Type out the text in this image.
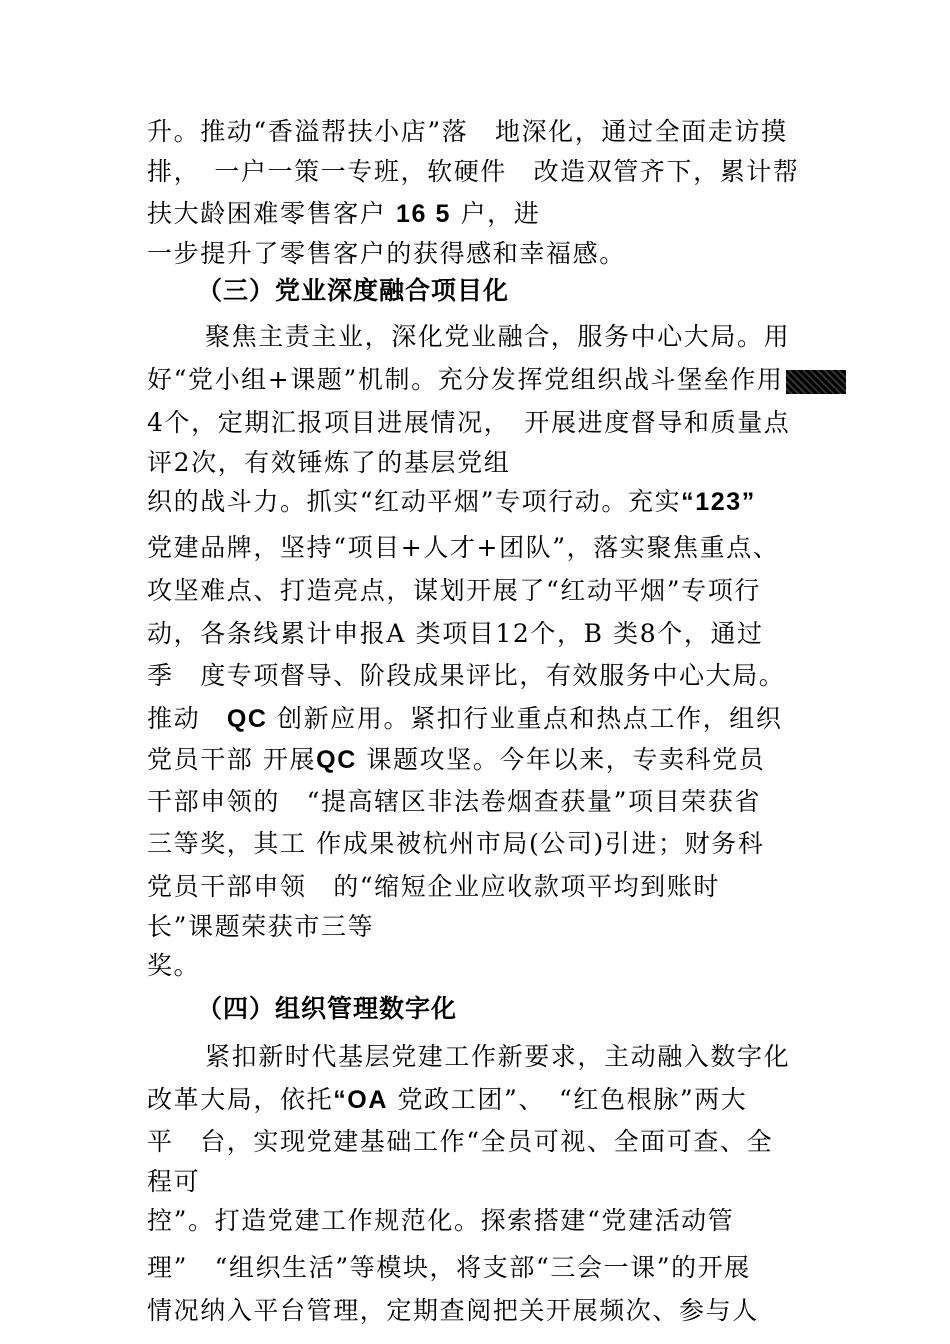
升。推动“香溢帮扶小店”落　地深化，通过全面走访摸
排，　一户一策一专班，软硬件　改造双管齐下，累计帮
扶大龄困难零售客户 16 5 户，进
一步提升了零售客户的获得感和幸福感。
（三）党业深度融合项目化
聚焦主责主业，深化党业融合，服务中心大局。用
好“党小组+课题”机制。充分发挥党组织战斗堡垒作用
4个，定期汇报项目进展情况，　开展进度督导和质量点
评2次，有效锤炼了的基层党组
织的战斗力。抓实“红动平烟”专项行动。充实“123”
党建品牌，坚持“项目+人才+团队”，落实聚焦重点、
攻坚难点、打造亮点，谋划开展了“红动平烟”专项行
动，各条线累计申报A 类项目12个，B 类8个，通过
季　度专项督导、阶段成果评比，有效服务中心大局。
推动　QC 创新应用。紧扣行业重点和热点工作，组织
党员干部 开展QC 课题攻坚。今年以来，专卖科党员
干部申领的　“提高辖区非法卷烟查获量”项目荣获省
三等奖，其工 作成果被杭州市局(公司)引进；财务科
党员干部申领　的“缩短企业应收款项平均到账时
长”课题荣获市三等
奖。
（四）组织管理数字化
紧扣新时代基层党建工作新要求，主动融入数字化
改革大局，依托“OA 党政工团”、　“红色根脉”两大
平　台，实现党建基础工作“全员可视、全面可查、全
程可
控”。打造党建工作规范化。探索搭建“党建活动管
理”　“组织生活”等模块，将支部“三会一课”的开展
情况纳入平台管理，定期查阅把关开展频次、参与人
